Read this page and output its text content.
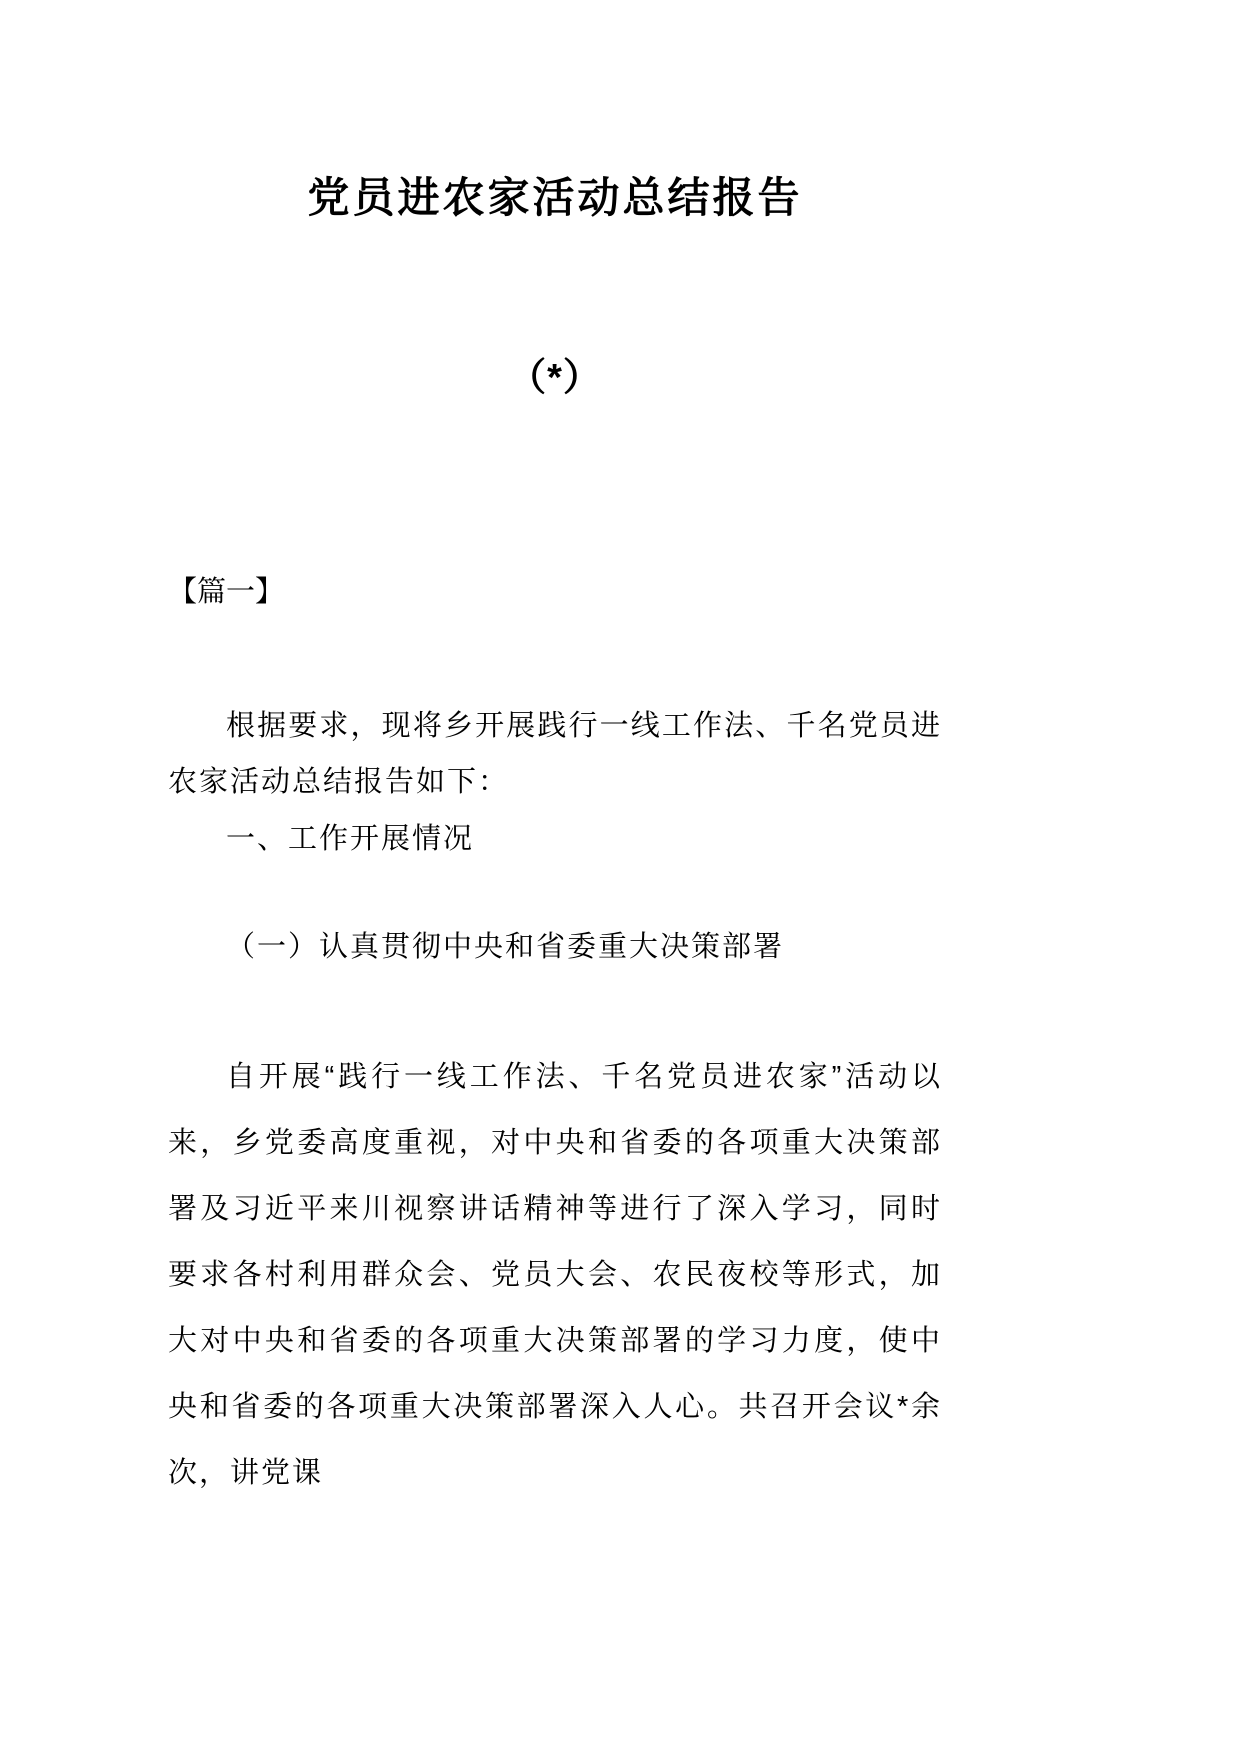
党员进农家活动总结报告
（*）
【篇一】

根据要求，现将乡开展践行一线工作法、千名党员进农家活动总结报告如下：

一、工作开展情况

（一）认真贯彻中央和省委重大决策部署

自开展“践行一线工作法、千名党员进农家”活动以来，乡党委高度重视，对中央和省委的各项重大决策部署及习近平来川视察讲话精神等进行了深入学习，同时要求各村利用群众会、党员大会、农民夜校等形式，加大对中央和省委的各项重大决策部署的学习力度，使中央和省委的各项重大决策部署深入人心。共召开会议*余次，讲党课
